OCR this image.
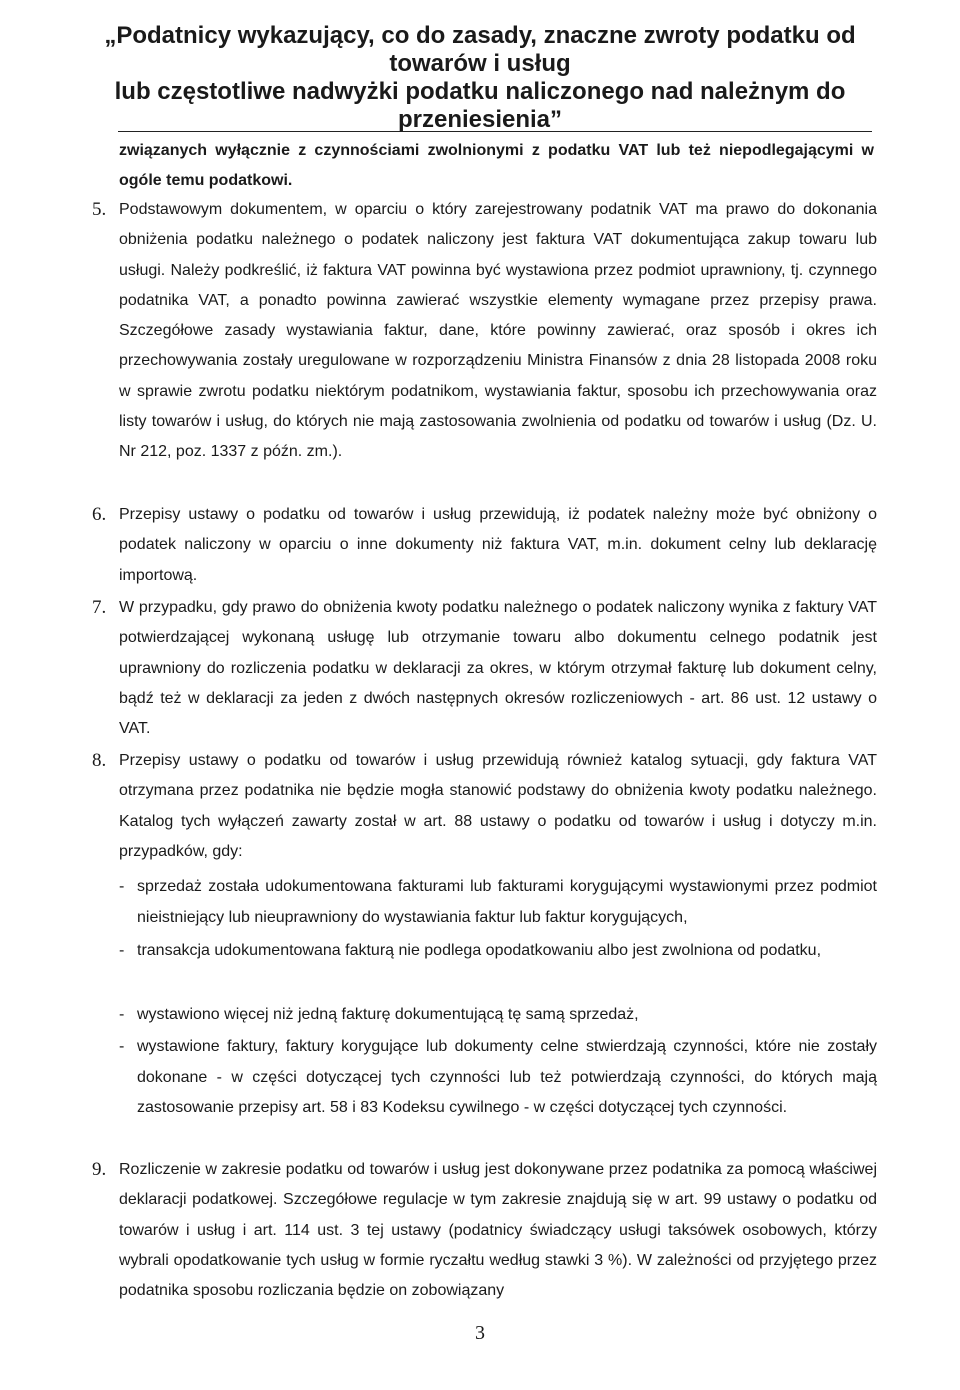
„Podatnicy wykazujący, co do zasady, znaczne zwroty podatku od
towarów i usług
lub częstotliwe nadwyżki podatku naliczonego nad należnym do
przeniesienia”
związanych wyłącznie z czynnościami zwolnionymi z podatku VAT lub też niepodlegającymi w ogóle temu podatkowi.
5. Podstawowym dokumentem, w oparciu o który zarejestrowany podatnik VAT ma prawo do dokonania obniżenia podatku należnego o podatek naliczony jest faktura VAT dokumentująca zakup towaru lub usługi. Należy podkreślić, iż faktura VAT powinna być wystawiona przez podmiot uprawniony, tj. czynnego podatnika VAT, a ponadto powinna zawierać wszystkie elementy wymagane przez przepisy prawa. Szczegółowe zasady wystawiania faktur, dane, które powinny zawierać, oraz sposób i okres ich przechowywania zostały uregulowane w rozporządzeniu Ministra Finansów z dnia 28 listopada 2008 roku w sprawie zwrotu podatku niektórym podatnikom, wystawiania faktur, sposobu ich przechowywania oraz listy towarów i usług, do których nie mają zastosowania zwolnienia od podatku od towarów i usług (Dz. U. Nr 212, poz. 1337 z późn. zm.).
6. Przepisy ustawy o podatku od towarów i usług przewidują, iż podatek należny może być obniżony o podatek naliczony w oparciu o inne dokumenty niż faktura VAT, m.in. dokument celny lub deklarację importową.
7. W przypadku, gdy prawo do obniżenia kwoty podatku należnego o podatek naliczony wynika z faktury VAT potwierdzającej wykonaną usługę lub otrzymanie towaru albo dokumentu celnego podatnik jest uprawniony do rozliczenia podatku w deklaracji za okres, w którym otrzymał fakturę lub dokument celny, bądź też w deklaracji za jeden z dwóch następnych okresów rozliczeniowych - art. 86 ust. 12 ustawy o VAT.
8. Przepisy ustawy o podatku od towarów i usług przewidują również katalog sytuacji, gdy faktura VAT otrzymana przez podatnika nie będzie mogła stanowić podstawy do obniżenia kwoty podatku należnego. Katalog tych wyłączeń zawarty został w art. 88 ustawy o podatku od towarów i usług i dotyczy m.in. przypadków, gdy:
- sprzedaż została udokumentowana fakturami lub fakturami korygującymi wystawionymi przez podmiot nieistniejący lub nieuprawniony do wystawiania faktur lub faktur korygujących,
- transakcja udokumentowana fakturą nie podlega opodatkowaniu albo jest zwolniona od podatku,
- wystawiono więcej niż jedną fakturę dokumentującą tę samą sprzedaż,
- wystawione faktury, faktury korygujące lub dokumenty celne stwierdzają czynności, które nie zostały dokonane - w części dotyczącej tych czynności lub też potwierdzają czynności, do których mają zastosowanie przepisy art. 58 i 83 Kodeksu cywilnego - w części dotyczącej tych czynności.
9. Rozliczenie w zakresie podatku od towarów i usług jest dokonywane przez podatnika za pomocą właściwej deklaracji podatkowej. Szczegółowe regulacje w tym zakresie znajdują się w art. 99 ustawy o podatku od towarów i usług i art. 114 ust. 3 tej ustawy (podatnicy świadczący usługi taksówek osobowych, którzy wybrali opodatkowanie tych usług w formie ryczałtu według stawki 3 %). W zależności od przyjętego przez podatnika sposobu rozliczania będzie on zobowiązany
3
